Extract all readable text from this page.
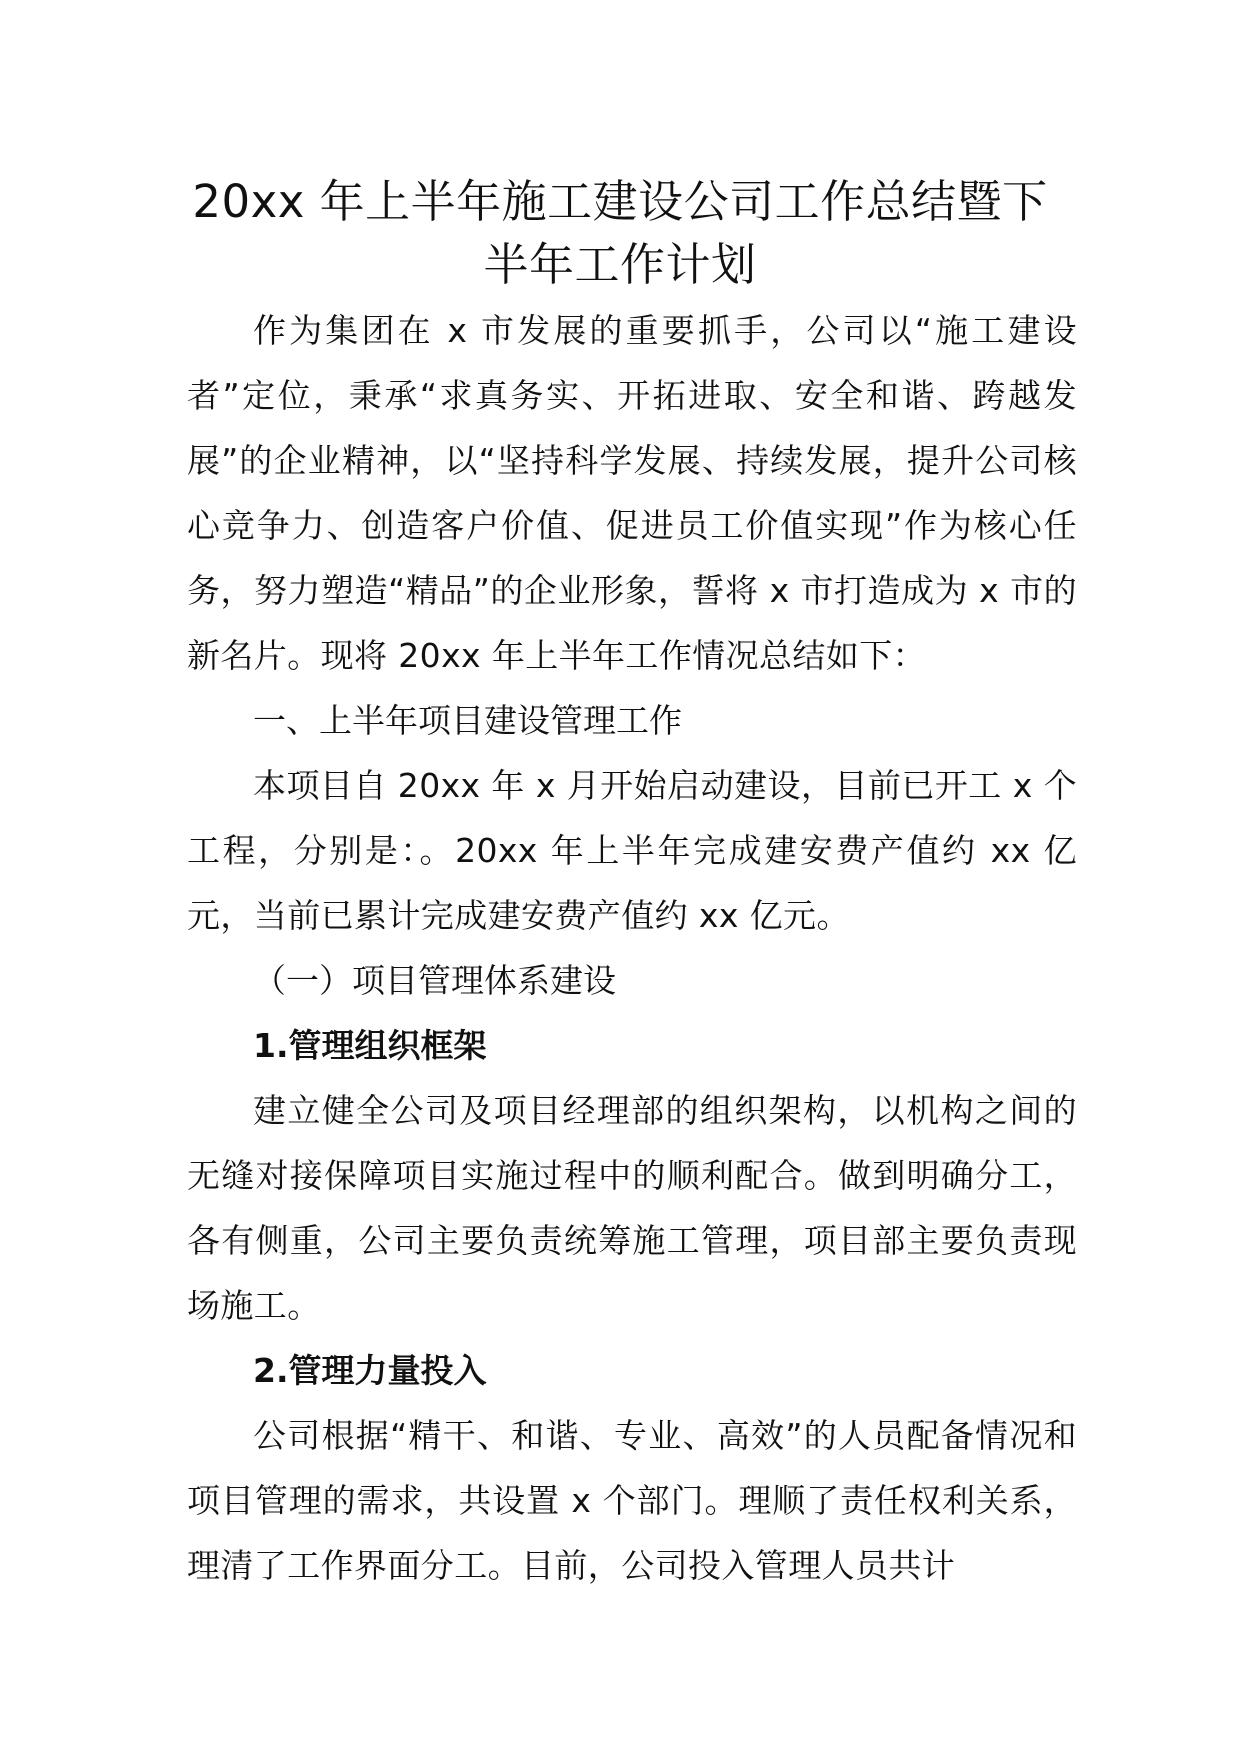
20xx 年上半年施工建设公司工作总结暨下
半年工作计划

作为集团在 x 市发展的重要抓手，公司以“施工建设者”定位，秉承“求真务实、开拓进取、安全和谐、跨越发展”的企业精神，以“坚持科学发展、持续发展，提升公司核心竞争力、创造客户价值、促进员工价值实现”作为核心任务，努力塑造“精品”的企业形象，誓将 x 市打造成为 x 市的新名片。现将 20xx 年上半年工作情况总结如下：

一、上半年项目建设管理工作

本项目自 20xx 年 x 月开始启动建设，目前已开工 x 个工程，分别是：。20xx 年上半年完成建安费产值约 xx 亿元，当前已累计完成建安费产值约 xx 亿元。

（一）项目管理体系建设

1.管理组织框架

建立健全公司及项目经理部的组织架构，以机构之间的无缝对接保障项目实施过程中的顺利配合。做到明确分工，各有侧重，公司主要负责统筹施工管理，项目部主要负责现场施工。

2.管理力量投入

公司根据“精干、和谐、专业、高效”的人员配备情况和项目管理的需求，共设置 x 个部门。理顺了责任权利关系，理清了工作界面分工。目前，公司投入管理人员共计
